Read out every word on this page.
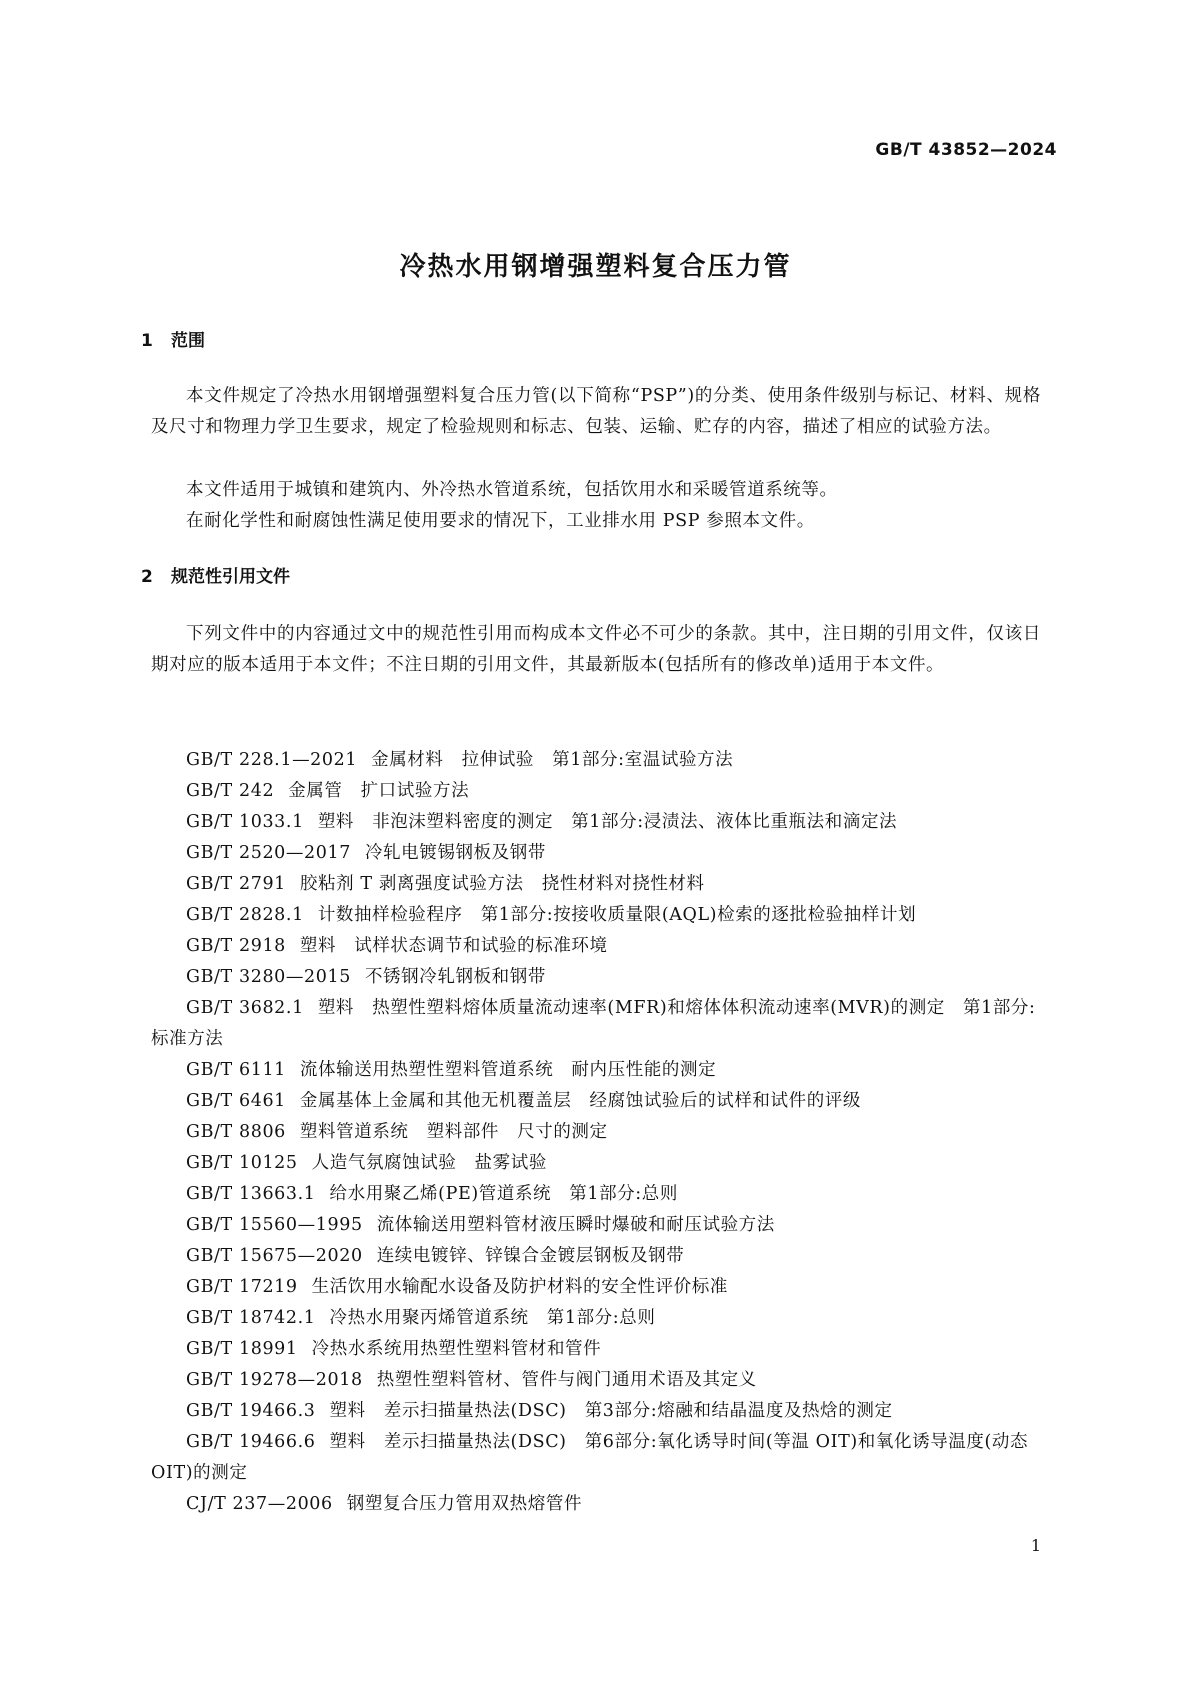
GB/T 43852—2024
冷热水用钢增强塑料复合压力管
1 范围
本文件规定了冷热水用钢增强塑料复合压力管(以下简称“PSP”)的分类、使用条件级别与标记、材料、规格及尺寸和物理力学卫生要求，规定了检验规则和标志、包装、运输、贮存的内容，描述了相应的试验方法。
本文件适用于城镇和建筑内、外冷热水管道系统，包括饮用水和采暖管道系统等。
在耐化学性和耐腐蚀性满足使用要求的情况下，工业排水用 PSP 参照本文件。
2 规范性引用文件
下列文件中的内容通过文中的规范性引用而构成本文件必不可少的条款。其中，注日期的引用文件，仅该日期对应的版本适用于本文件；不注日期的引用文件，其最新版本(包括所有的修改单)适用于本文件。
GB/T 228.1—2021 金属材料　拉伸试验　第1部分:室温试验方法
GB/T 242 金属管　扩口试验方法
GB/T 1033.1 塑料　非泡沫塑料密度的测定　第1部分:浸渍法、液体比重瓶法和滴定法
GB/T 2520—2017 冷轧电镀锡钢板及钢带
GB/T 2791 胶粘剂 T 剥离强度试验方法　挠性材料对挠性材料
GB/T 2828.1 计数抽样检验程序　第1部分:按接收质量限(AQL)检索的逐批检验抽样计划
GB/T 2918 塑料　试样状态调节和试验的标准环境
GB/T 3280—2015 不锈钢冷轧钢板和钢带
GB/T 3682.1 塑料　热塑性塑料熔体质量流动速率(MFR)和熔体体积流动速率(MVR)的测定　第1部分:标准方法
GB/T 6111 流体输送用热塑性塑料管道系统　耐内压性能的测定
GB/T 6461 金属基体上金属和其他无机覆盖层　经腐蚀试验后的试样和试件的评级
GB/T 8806 塑料管道系统　塑料部件　尺寸的测定
GB/T 10125 人造气氛腐蚀试验　盐雾试验
GB/T 13663.1 给水用聚乙烯(PE)管道系统　第1部分:总则
GB/T 15560—1995 流体输送用塑料管材液压瞬时爆破和耐压试验方法
GB/T 15675—2020 连续电镀锌、锌镍合金镀层钢板及钢带
GB/T 17219 生活饮用水输配水设备及防护材料的安全性评价标准
GB/T 18742.1 冷热水用聚丙烯管道系统　第1部分:总则
GB/T 18991 冷热水系统用热塑性塑料管材和管件
GB/T 19278—2018 热塑性塑料管材、管件与阀门通用术语及其定义
GB/T 19466.3 塑料　差示扫描量热法(DSC)　第3部分:熔融和结晶温度及热焓的测定
GB/T 19466.6 塑料　差示扫描量热法(DSC)　第6部分:氧化诱导时间(等温 OIT)和氧化诱导温度(动态 OIT)的测定
CJ/T 237—2006 钢塑复合压力管用双热熔管件
1
